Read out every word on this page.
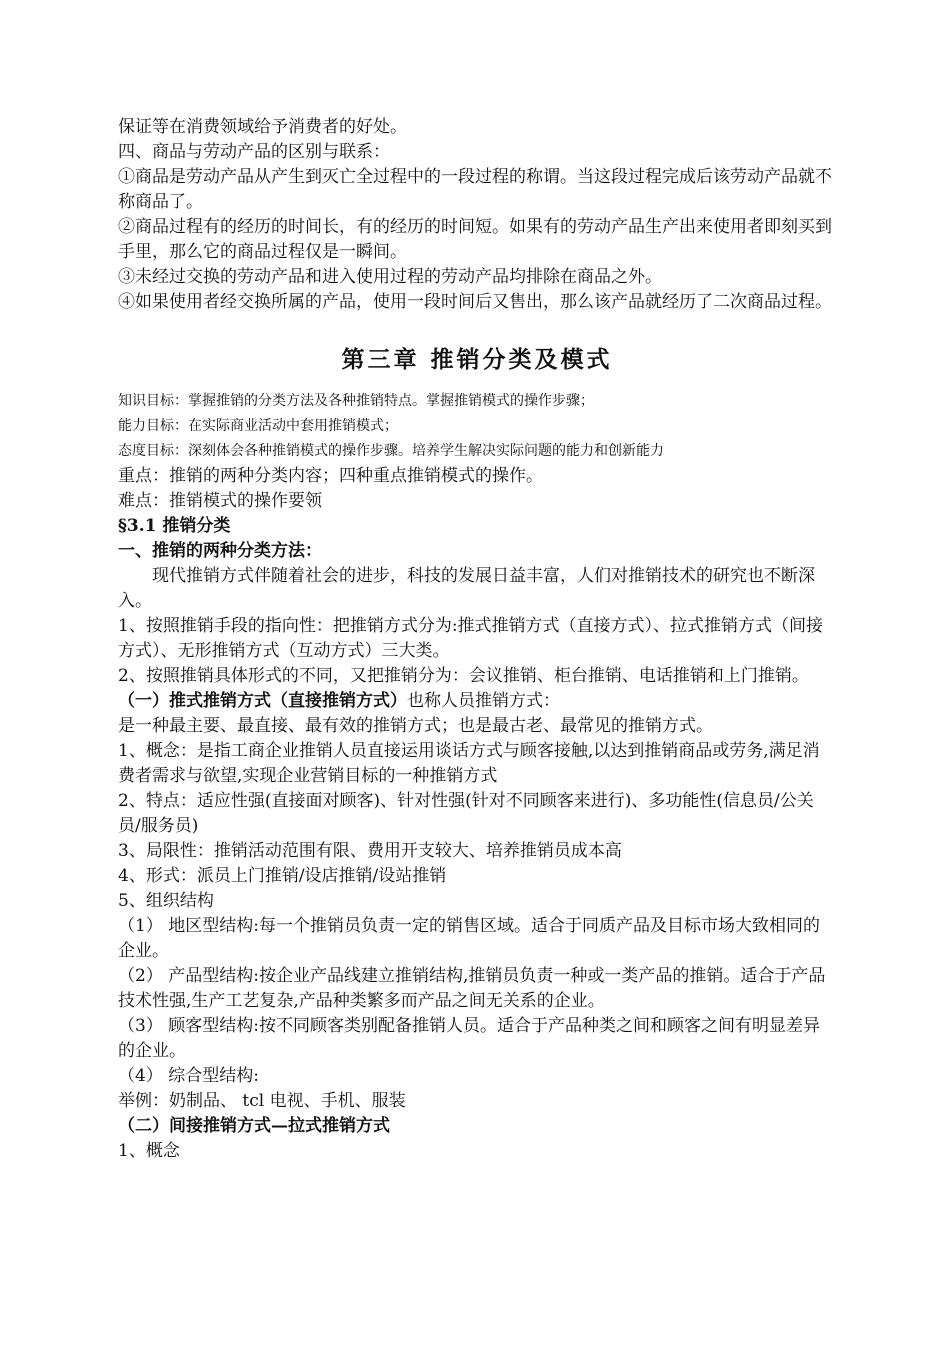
保证等在消费领域给予消费者的好处。

四、商品与劳动产品的区别与联系：

①商品是劳动产品从产生到灭亡全过程中的一段过程的称谓。当这段过程完成后该劳动产品就不称商品了。

②商品过程有的经历的时间长，有的经历的时间短。如果有的劳动产品生产出来使用者即刻买到手里，那么它的商品过程仅是一瞬间。

③未经过交换的劳动产品和进入使用过程的劳动产品均排除在商品之外。

④如果使用者经交换所属的产品，使用一段时间后又售出，那么该产品就经历了二次商品过程。

第三章 推销分类及模式

知识目标：掌握推销的分类方法及各种推销特点。掌握推销模式的操作步骤；

能力目标：在实际商业活动中套用推销模式；

态度目标：深刻体会各种推销模式的操作步骤。培养学生解决实际问题的能力和创新能力

重点：推销的两种分类内容；四种重点推销模式的操作。

难点：推销模式的操作要领

§3.1 推销分类

一、推销的两种分类方法：

现代推销方式伴随着社会的进步，科技的发展日益丰富，人们对推销技术的研究也不断深入。

1、按照推销手段的指向性：把推销方式分为:推式推销方式（直接方式）、拉式推销方式（间接方式）、无形推销方式（互动方式）三大类。

2、按照推销具体形式的不同，又把推销分为：会议推销、柜台推销、电话推销和上门推销。

（一）推式推销方式（直接推销方式）也称人员推销方式：

是一种最主要、最直接、最有效的推销方式；也是最古老、最常见的推销方式。

1、概念：是指工商企业推销人员直接运用谈话方式与顾客接触,以达到推销商品或劳务,满足消费者需求与欲望,实现企业营销目标的一种推销方式

2、特点：适应性强(直接面对顾客)、针对性强(针对不同顾客来进行)、多功能性(信息员/公关员/服务员)

3、局限性：推销活动范围有限、费用开支较大、培养推销员成本高

4、形式：派员上门推销/设店推销/设站推销

5、组织结构

（1） 地区型结构:每一个推销员负责一定的销售区域。适合于同质产品及目标市场大致相同的企业。

（2） 产品型结构:按企业产品线建立推销结构,推销员负责一种或一类产品的推销。适合于产品技术性强,生产工艺复杂,产品种类繁多而产品之间无关系的企业。

（3） 顾客型结构:按不同顾客类别配备推销人员。适合于产品种类之间和顾客之间有明显差异的企业。

（4） 综合型结构:

举例：奶制品、 tcl 电视、手机、服装

（二）间接推销方式—拉式推销方式

1、概念
